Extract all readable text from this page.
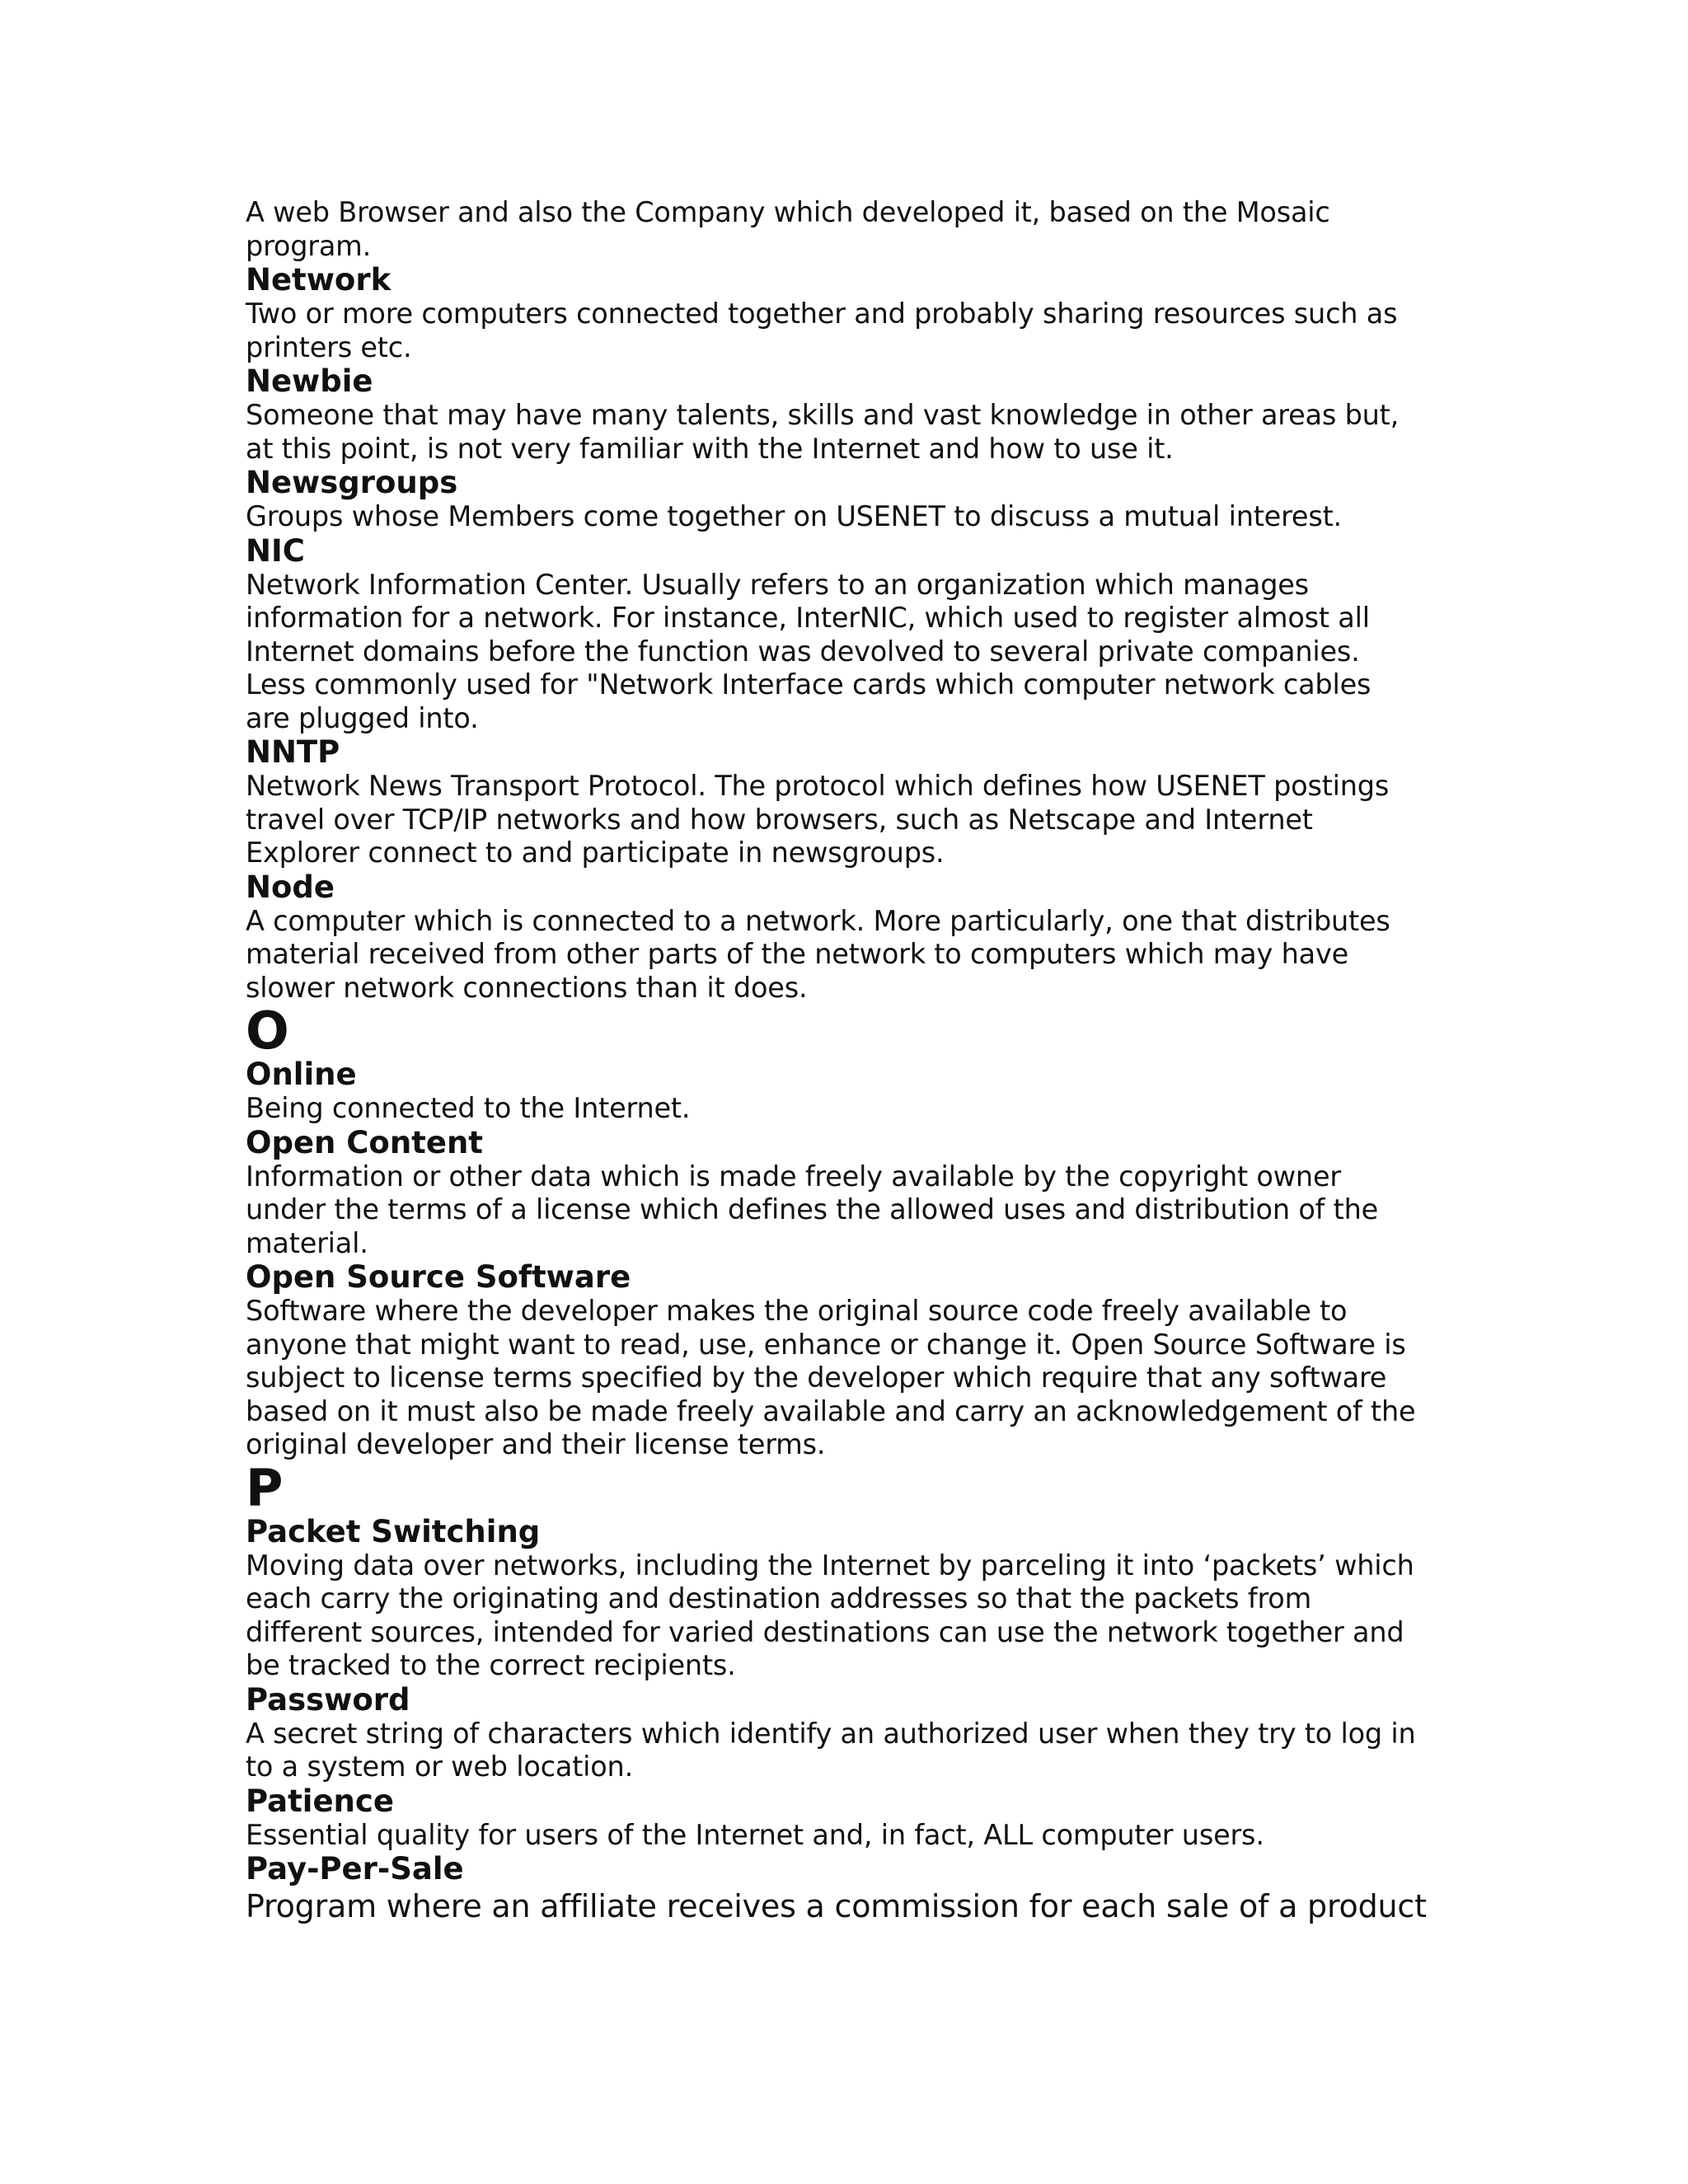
A web Browser and also the Company which developed it, based on the Mosaic
program.

Network

Two or more computers connected together and probably sharing resources such as
printers etc.

Newbie

Someone that may have many talents, skills and vast knowledge in other areas but,
at this point, is not very familiar with the Internet and how to use it.

Newsgroups

Groups whose Members come together on USENET to discuss a mutual interest.

NIC

Network Information Center. Usually refers to an organization which manages
information for a network. For instance, InterNIC, which used to register almost all
Internet domains before the function was devolved to several private companies.
Less commonly used for "Network Interface cards which computer network cables
are plugged into.

NNTP

Network News Transport Protocol. The protocol which defines how USENET postings
travel over TCP/IP networks and how browsers, such as Netscape and Internet
Explorer connect to and participate in newsgroups.

Node

A computer which is connected to a network. More particularly, one that distributes
material received from other parts of the network to computers which may have
slower network connections than it does.

O
Online

Being connected to the Internet.

Open Content

Information or other data which is made freely available by the copyright owner
under the terms of a license which defines the allowed uses and distribution of the
material.

Open Source Software

Software where the developer makes the original source code freely available to
anyone that might want to read, use, enhance or change it. Open Source Software is
subject to license terms specified by the developer which require that any software
based on it must also be made freely available and carry an acknowledgement of the
original developer and their license terms.

P
Packet Switching

Moving data over networks, including the Internet by parceling it into ‘packets’ which
each carry the originating and destination addresses so that the packets from
different sources, intended for varied destinations can use the network together and
be tracked to the correct recipients.

Password

A secret string of characters which identify an authorized user when they try to log in
to a system or web location.

Patience

Essential quality for users of the Internet and, in fact, ALL computer users.

Pay-Per-Sale

Program where an affiliate receives a commission for each sale of a product
